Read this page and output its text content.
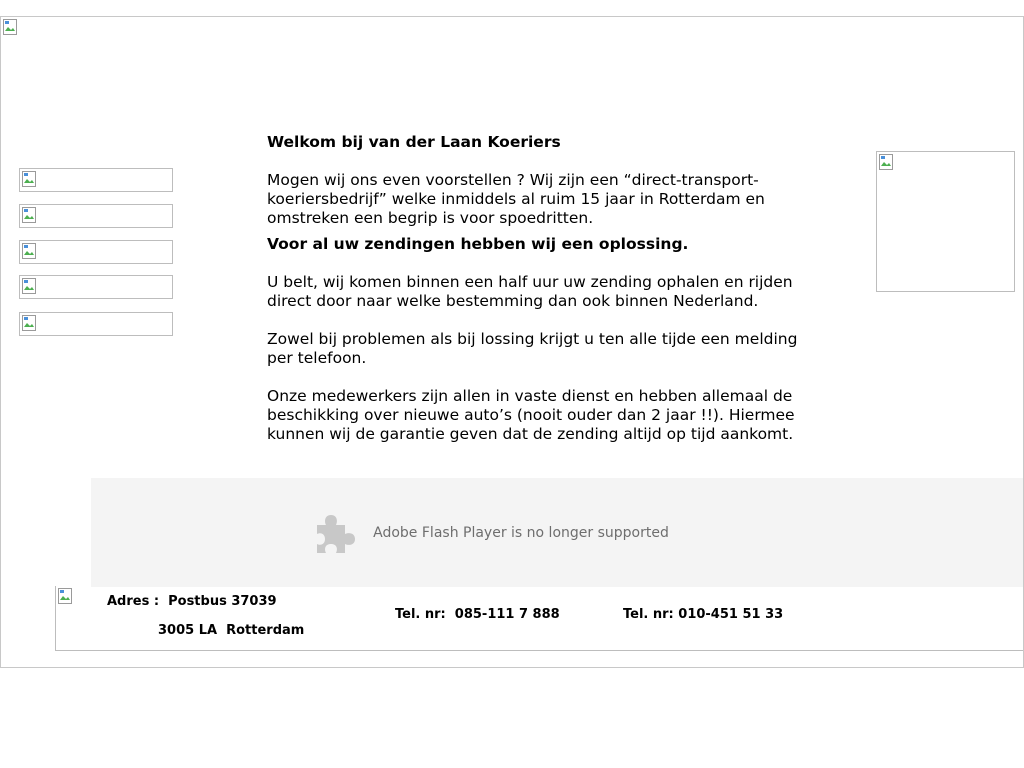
Welkom bij van der Laan Koeriers

Mogen wij ons even voorstellen ? Wij zijn een “direct-transport-koeriersbedrijf” welke inmiddels al ruim 15 jaar in Rotterdam en omstreken een begrip is voor spoedritten.

Voor al uw zendingen hebben wij een oplossing.

U belt, wij komen binnen een half uur uw zending ophalen en rijden direct door naar welke bestemming dan ook binnen Nederland.

Zowel bij problemen als bij lossing krijgt u ten alle tijde een melding per telefoon.

Onze medewerkers zijn allen in vaste dienst en hebben allemaal de beschikking over nieuwe auto’s (nooit ouder dan 2 jaar !!). Hiermee kunnen wij de garantie geven dat de zending altijd op tijd aankomt.

Adobe Flash Player is no longer supported
Adres :  Postbus 37039
3005 LA  Rotterdam
Tel. nr:  085-111 7 888	Tel. nr: 010-451 51 33
